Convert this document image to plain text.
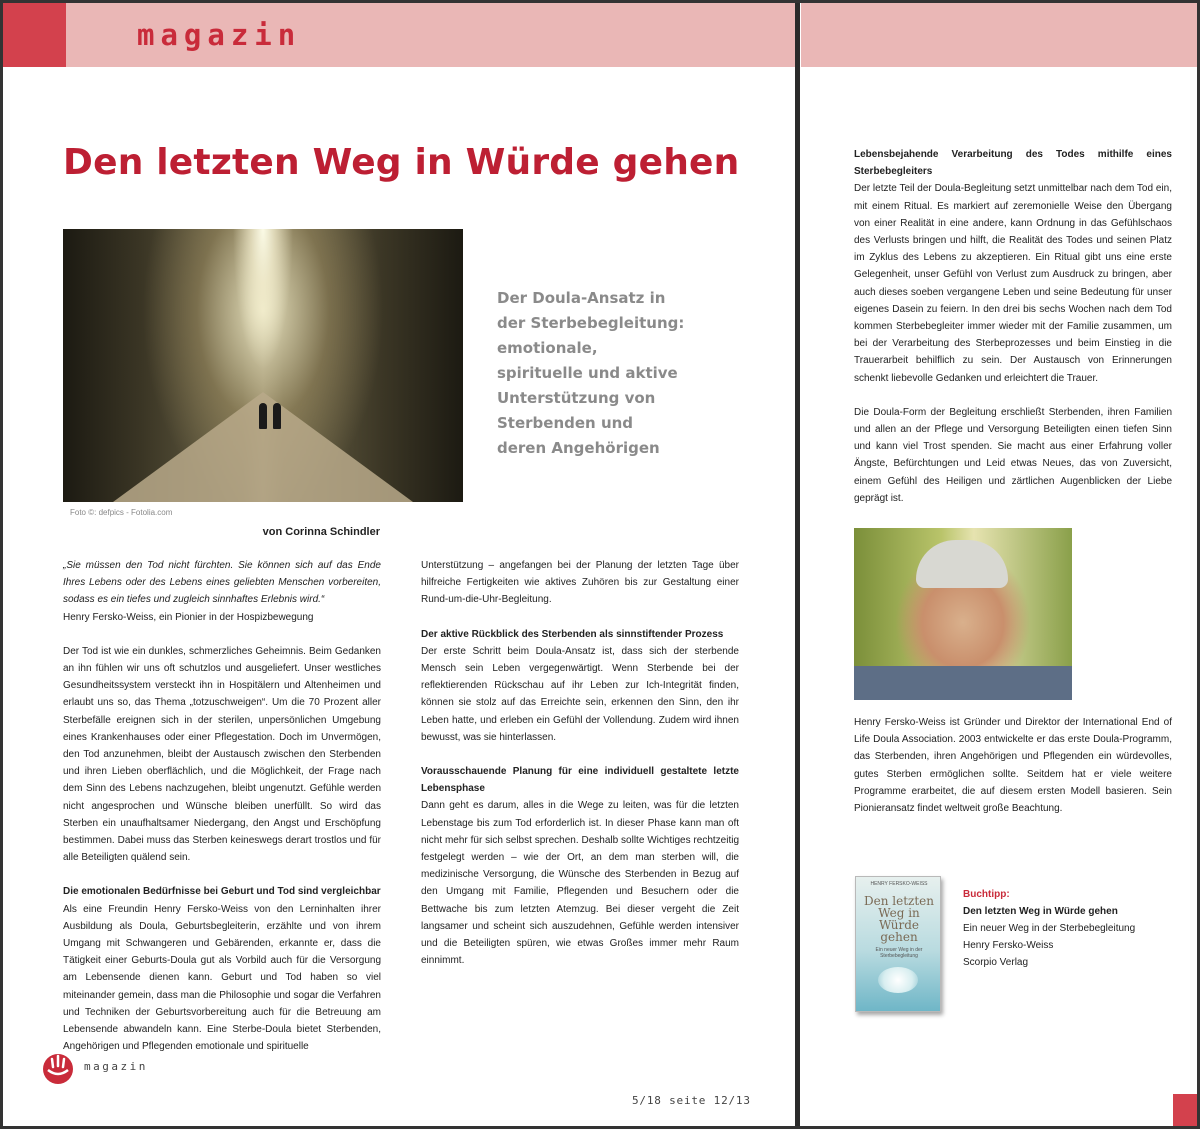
magazin
Den letzten Weg in Würde gehen
Foto ©: defpics - Fotolia.com
Der Doula-Ansatz in der Sterbebegleitung: emotionale, spirituelle und aktive Unterstützung von Sterbenden und deren Angehörigen
von Corinna Schindler

„Sie müssen den Tod nicht fürchten. Sie können sich auf das Ende Ihres Lebens oder des Lebens eines geliebten Menschen vorbereiten, sodass es ein tiefes und zugleich sinnhaftes Erlebnis wird.“
Henry Fersko-Weiss, ein Pionier in der Hospizbewegung

Der Tod ist wie ein dunkles, schmerzliches Geheimnis. Beim Gedanken an ihn fühlen wir uns oft schutzlos und ausgeliefert. Unser westliches Gesundheitssystem versteckt ihn in Hospitälern und Altenheimen und erlaubt uns so, das Thema „totzuschweigen“. Um die 70 Prozent aller Sterbefälle ereignen sich in der sterilen, unpersönlichen Umgebung eines Krankenhauses oder einer Pflegestation. Doch im Unvermögen, den Tod anzunehmen, bleibt der Austausch zwischen den Sterbenden und ihren Lieben oberflächlich, und die Möglichkeit, der Frage nach dem Sinn des Lebens nachzugehen, bleibt ungenutzt. Gefühle werden nicht angesprochen und Wünsche bleiben unerfüllt. So wird das Sterben ein unaufhaltsamer Niedergang, den Angst und Erschöpfung bestimmen. Dabei muss das Sterben keineswegs derart trostlos und für alle Beteiligten quälend sein.

Die emotionalen Bedürfnisse bei Geburt und Tod sind vergleichbar
Als eine Freundin Henry Fersko-Weiss von den Lerninhalten ihrer Ausbildung als Doula, Geburtsbegleiterin, erzählte und von ihrem Umgang mit Schwangeren und Gebärenden, erkannte er, dass die Tätigkeit einer Geburts-Doula gut als Vorbild auch für die Versorgung am Lebensende dienen kann. Geburt und Tod haben so viel miteinander gemein, dass man die Philosophie und sogar die Verfahren und Techniken der Geburtsvorbereitung auch für die Betreuung am Lebensende abwandeln kann. Eine Sterbe-Doula bietet Sterbenden, Angehörigen und Pflegenden emotionale und spirituelle

Unterstützung – angefangen bei der Planung der letzten Tage über hilfreiche Fertigkeiten wie aktives Zuhören bis zur Gestaltung einer Rund-um-die-Uhr-Begleitung.

Der aktive Rückblick des Sterbenden als sinnstiftender Prozess
Der erste Schritt beim Doula-Ansatz ist, dass sich der sterbende Mensch sein Leben vergegenwärtigt. Wenn Sterbende bei der reflektierenden Rückschau auf ihr Leben zur Ich-Integrität finden, können sie stolz auf das Erreichte sein, erkennen den Sinn, den ihr Leben hatte, und erleben ein Gefühl der Vollendung. Zudem wird ihnen bewusst, was sie hinterlassen.

Vorausschauende Planung für eine individuell gestaltete letzte Lebensphase
Dann geht es darum, alles in die Wege zu leiten, was für die letzten Lebenstage bis zum Tod erforderlich ist. In dieser Phase kann man oft nicht mehr für sich selbst sprechen. Deshalb sollte Wichtiges rechtzeitig festgelegt werden – wie der Ort, an dem man sterben will, die medizinische Versorgung, die Wünsche des Sterbenden in Bezug auf den Umgang mit Familie, Pflegenden und Besuchern oder die Bettwache bis zum letzten Atemzug. Bei dieser vergeht die Zeit langsamer und scheint sich auszudehnen, Gefühle werden intensiver und die Beteiligten spüren, wie etwas Großes immer mehr Raum einnimmt.

Lebensbejahende Verarbeitung des Todes mithilfe eines Sterbebegleiters
Der letzte Teil der Doula-Begleitung setzt unmittelbar nach dem Tod ein, mit einem Ritual. Es markiert auf zeremonielle Weise den Übergang von einer Realität in eine andere, kann Ordnung in das Gefühlschaos des Verlusts bringen und hilft, die Realität des Todes und seinen Platz im Zyklus des Lebens zu akzeptieren. Ein Ritual gibt uns eine erste Gelegenheit, unser Gefühl von Verlust zum Ausdruck zu bringen, aber auch dieses soeben vergangene Leben und seine Bedeutung für unser eigenes Dasein zu feiern. In den drei bis sechs Wochen nach dem Tod kommen Sterbebegleiter immer wieder mit der Familie zusammen, um bei der Verarbeitung des Sterbeprozesses und beim Einstieg in die Trauerarbeit behilflich zu sein. Der Austausch von Erinnerungen schenkt liebevolle Gedanken und erleichtert die Trauer.

Die Doula-Form der Begleitung erschließt Sterbenden, ihren Familien und allen an der Pflege und Versorgung Beteiligten einen tiefen Sinn und kann viel Trost spenden. Sie macht aus einer Erfahrung voller Ängste, Befürchtungen und Leid etwas Neues, das von Zuversicht, einem Gefühl des Heiligen und zärtlichen Augenblicken der Liebe geprägt ist.

Henry Fersko-Weiss ist Gründer und Direktor der International End of Life Doula Association. 2003 entwickelte er das erste Doula-Programm, das Sterbenden, ihren Angehörigen und Pflegenden ein würdevolles, gutes Sterben ermöglichen sollte. Seitdem hat er viele weitere Programme erarbeitet, die auf diesem ersten Modell basieren. Sein Pionieransatz findet weltweit große Beachtung.
HENRY FERSKO-WEISS
Den letzten Weg in Würde gehen
Ein neuer Weg in der Sterbebegleitung
Buchtipp:
Den letzten Weg in Würde gehen
Ein neuer Weg in der Sterbebegleitung
Henry Fersko-Weiss
Scorpio Verlag
magazin
5/18 seite 12/13
